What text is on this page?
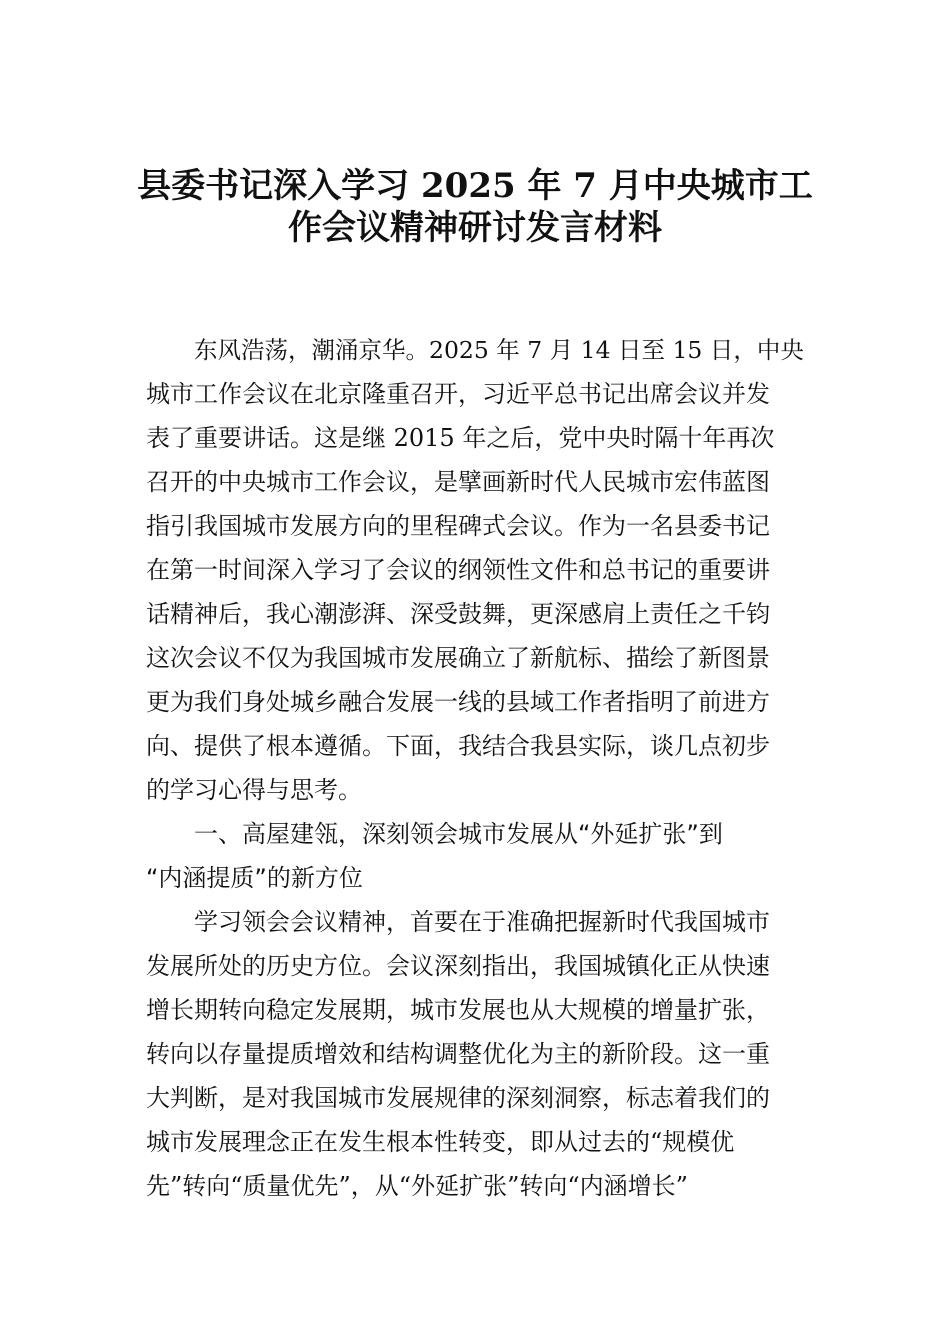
县委书记深入学习 2025 年 7 月中央城市工
作会议精神研讨发言材料
东风浩荡，潮涌京华。2025 年 7 月 14 日至 15 日，中央
城市工作会议在北京隆重召开，习近平总书记出席会议并发
表了重要讲话。这是继 2015 年之后，党中央时隔十年再次
召开的中央城市工作会议，是擘画新时代人民城市宏伟蓝图
指引我国城市发展方向的里程碑式会议。作为一名县委书记
在第一时间深入学习了会议的纲领性文件和总书记的重要讲
话精神后，我心潮澎湃、深受鼓舞，更深感肩上责任之千钧
这次会议不仅为我国城市发展确立了新航标、描绘了新图景
更为我们身处城乡融合发展一线的县域工作者指明了前进方
向、提供了根本遵循。下面，我结合我县实际，谈几点初步
的学习心得与思考。
一、高屋建瓴，深刻领会城市发展从“外延扩张”到
“内涵提质”的新方位
学习领会会议精神，首要在于准确把握新时代我国城市
发展所处的历史方位。会议深刻指出，我国城镇化正从快速
增长期转向稳定发展期，城市发展也从大规模的增量扩张，
转向以存量提质增效和结构调整优化为主的新阶段。这一重
大判断，是对我国城市发展规律的深刻洞察，标志着我们的
城市发展理念正在发生根本性转变，即从过去的“规模优
先”转向“质量优先”，从“外延扩张”转向“内涵增长”
